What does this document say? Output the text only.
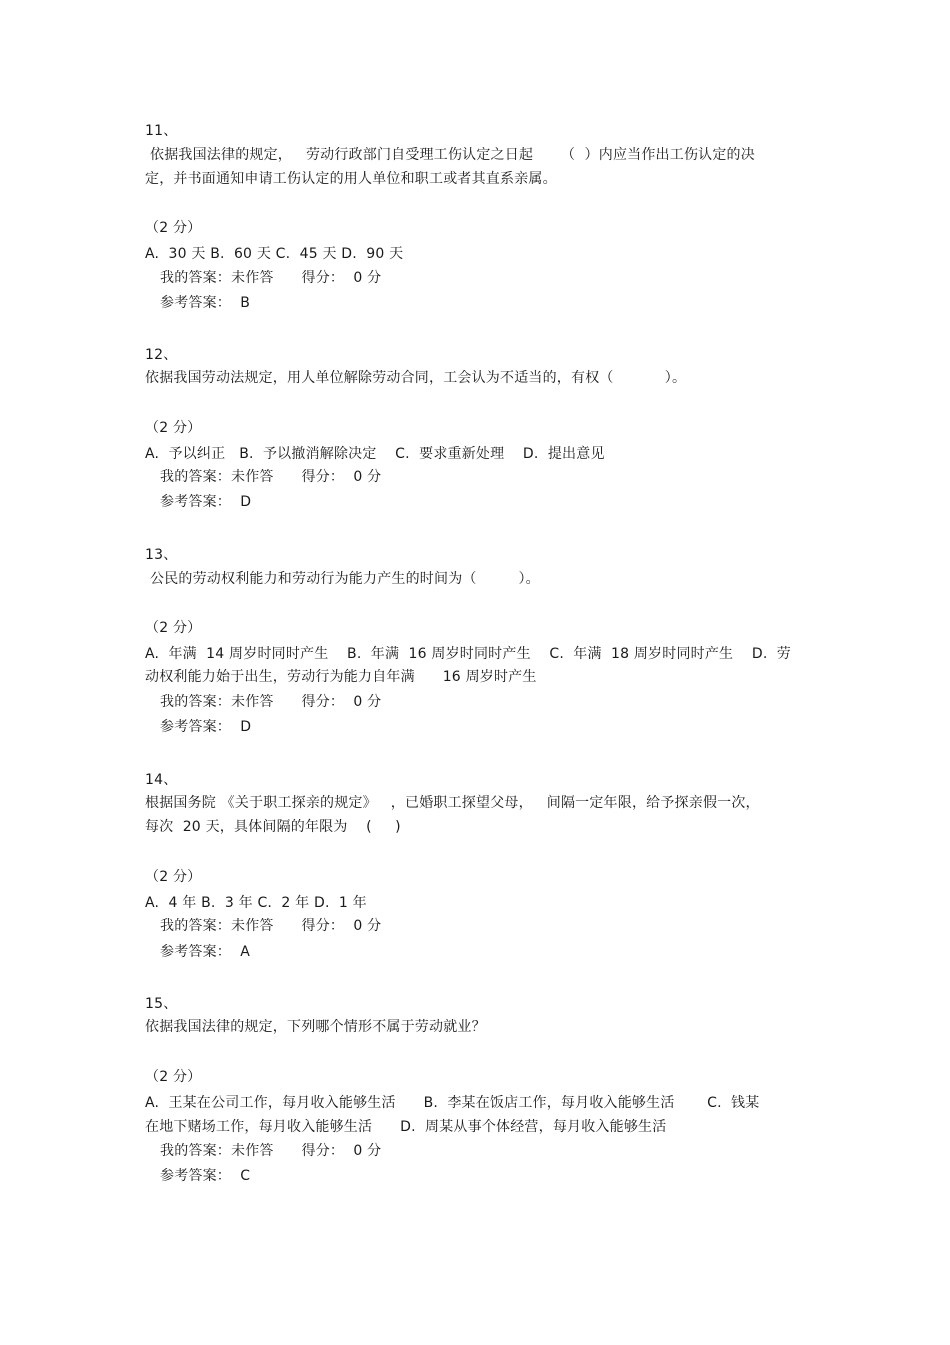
11、
依据我国法律的规定，   劳动行政部门自受理工伤认定之日起      （  ）内应当作出工伤认定的决
定，并书面通知申请工伤认定的用人单位和职工或者其直系亲属。
（2 分）
A.  30 天 B.  60 天 C.  45 天 D.  90 天
我的答案：未作答      得分：  0 分
参考答案：  B
12、
依据我国劳动法规定，用人单位解除劳动合同，工会认为不适当的，有权（           ）。
（2 分）
A.  予以纠正   B.  予以撤消解除决定    C.  要求重新处理    D.  提出意见
我的答案：未作答      得分：  0 分
参考答案：  D
13、
公民的劳动权利能力和劳动行为能力产生的时间为（         ）。
（2 分）
A.  年满  14 周岁时同时产生    B.  年满  16 周岁时同时产生    C.  年满  18 周岁时同时产生    D.  劳
动权利能力始于出生，劳动行为能力自年满      16 周岁时产生
我的答案：未作答      得分：  0 分
参考答案：  D
14、
根据国务院 《关于职工探亲的规定》   ，已婚职工探望父母，   间隔一定年限，给予探亲假一次，
每次  20 天，具体间隔的年限为    (     )
（2 分）
A.  4 年 B.  3 年 C.  2 年 D.  1 年
我的答案：未作答      得分：  0 分
参考答案：  A
15、
依据我国法律的规定，下列哪个情形不属于劳动就业？
（2 分）
A.  王某在公司工作，每月收入能够生活      B.  李某在饭店工作，每月收入能够生活       C.  钱某
在地下赌场工作，每月收入能够生活      D.  周某从事个体经营，每月收入能够生活
我的答案：未作答      得分：  0 分
参考答案：  C
